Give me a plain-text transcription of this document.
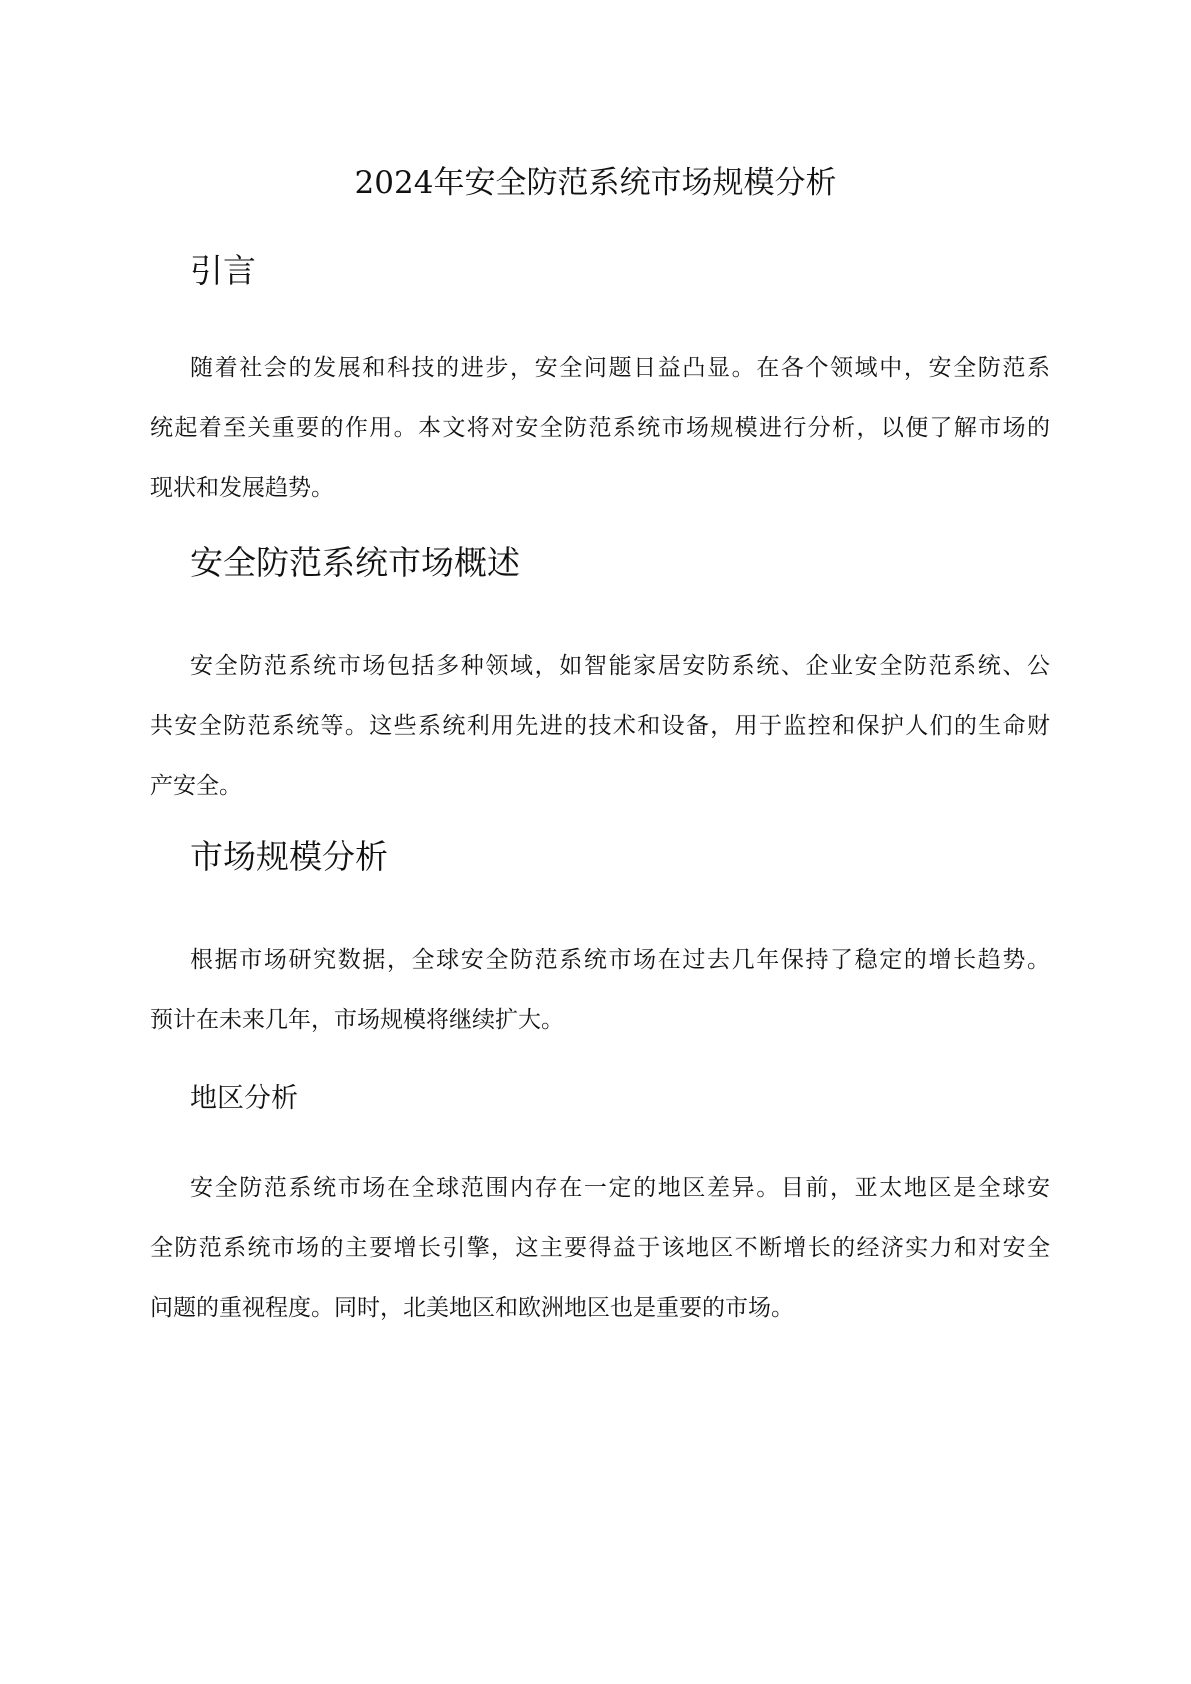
2024年安全防范系统市场规模分析
引言
随着社会的发展和科技的进步，安全问题日益凸显。在各个领域中，安全防范系
统起着至关重要的作用。本文将对安全防范系统市场规模进行分析，以便了解市场的
现状和发展趋势。
安全防范系统市场概述
安全防范系统市场包括多种领域，如智能家居安防系统、企业安全防范系统、公
共安全防范系统等。这些系统利用先进的技术和设备，用于监控和保护人们的生命财
产安全。
市场规模分析
根据市场研究数据，全球安全防范系统市场在过去几年保持了稳定的增长趋势。
预计在未来几年，市场规模将继续扩大。
地区分析
安全防范系统市场在全球范围内存在一定的地区差异。目前，亚太地区是全球安
全防范系统市场的主要增长引擎，这主要得益于该地区不断增长的经济实力和对安全
问题的重视程度。同时，北美地区和欧洲地区也是重要的市场。
